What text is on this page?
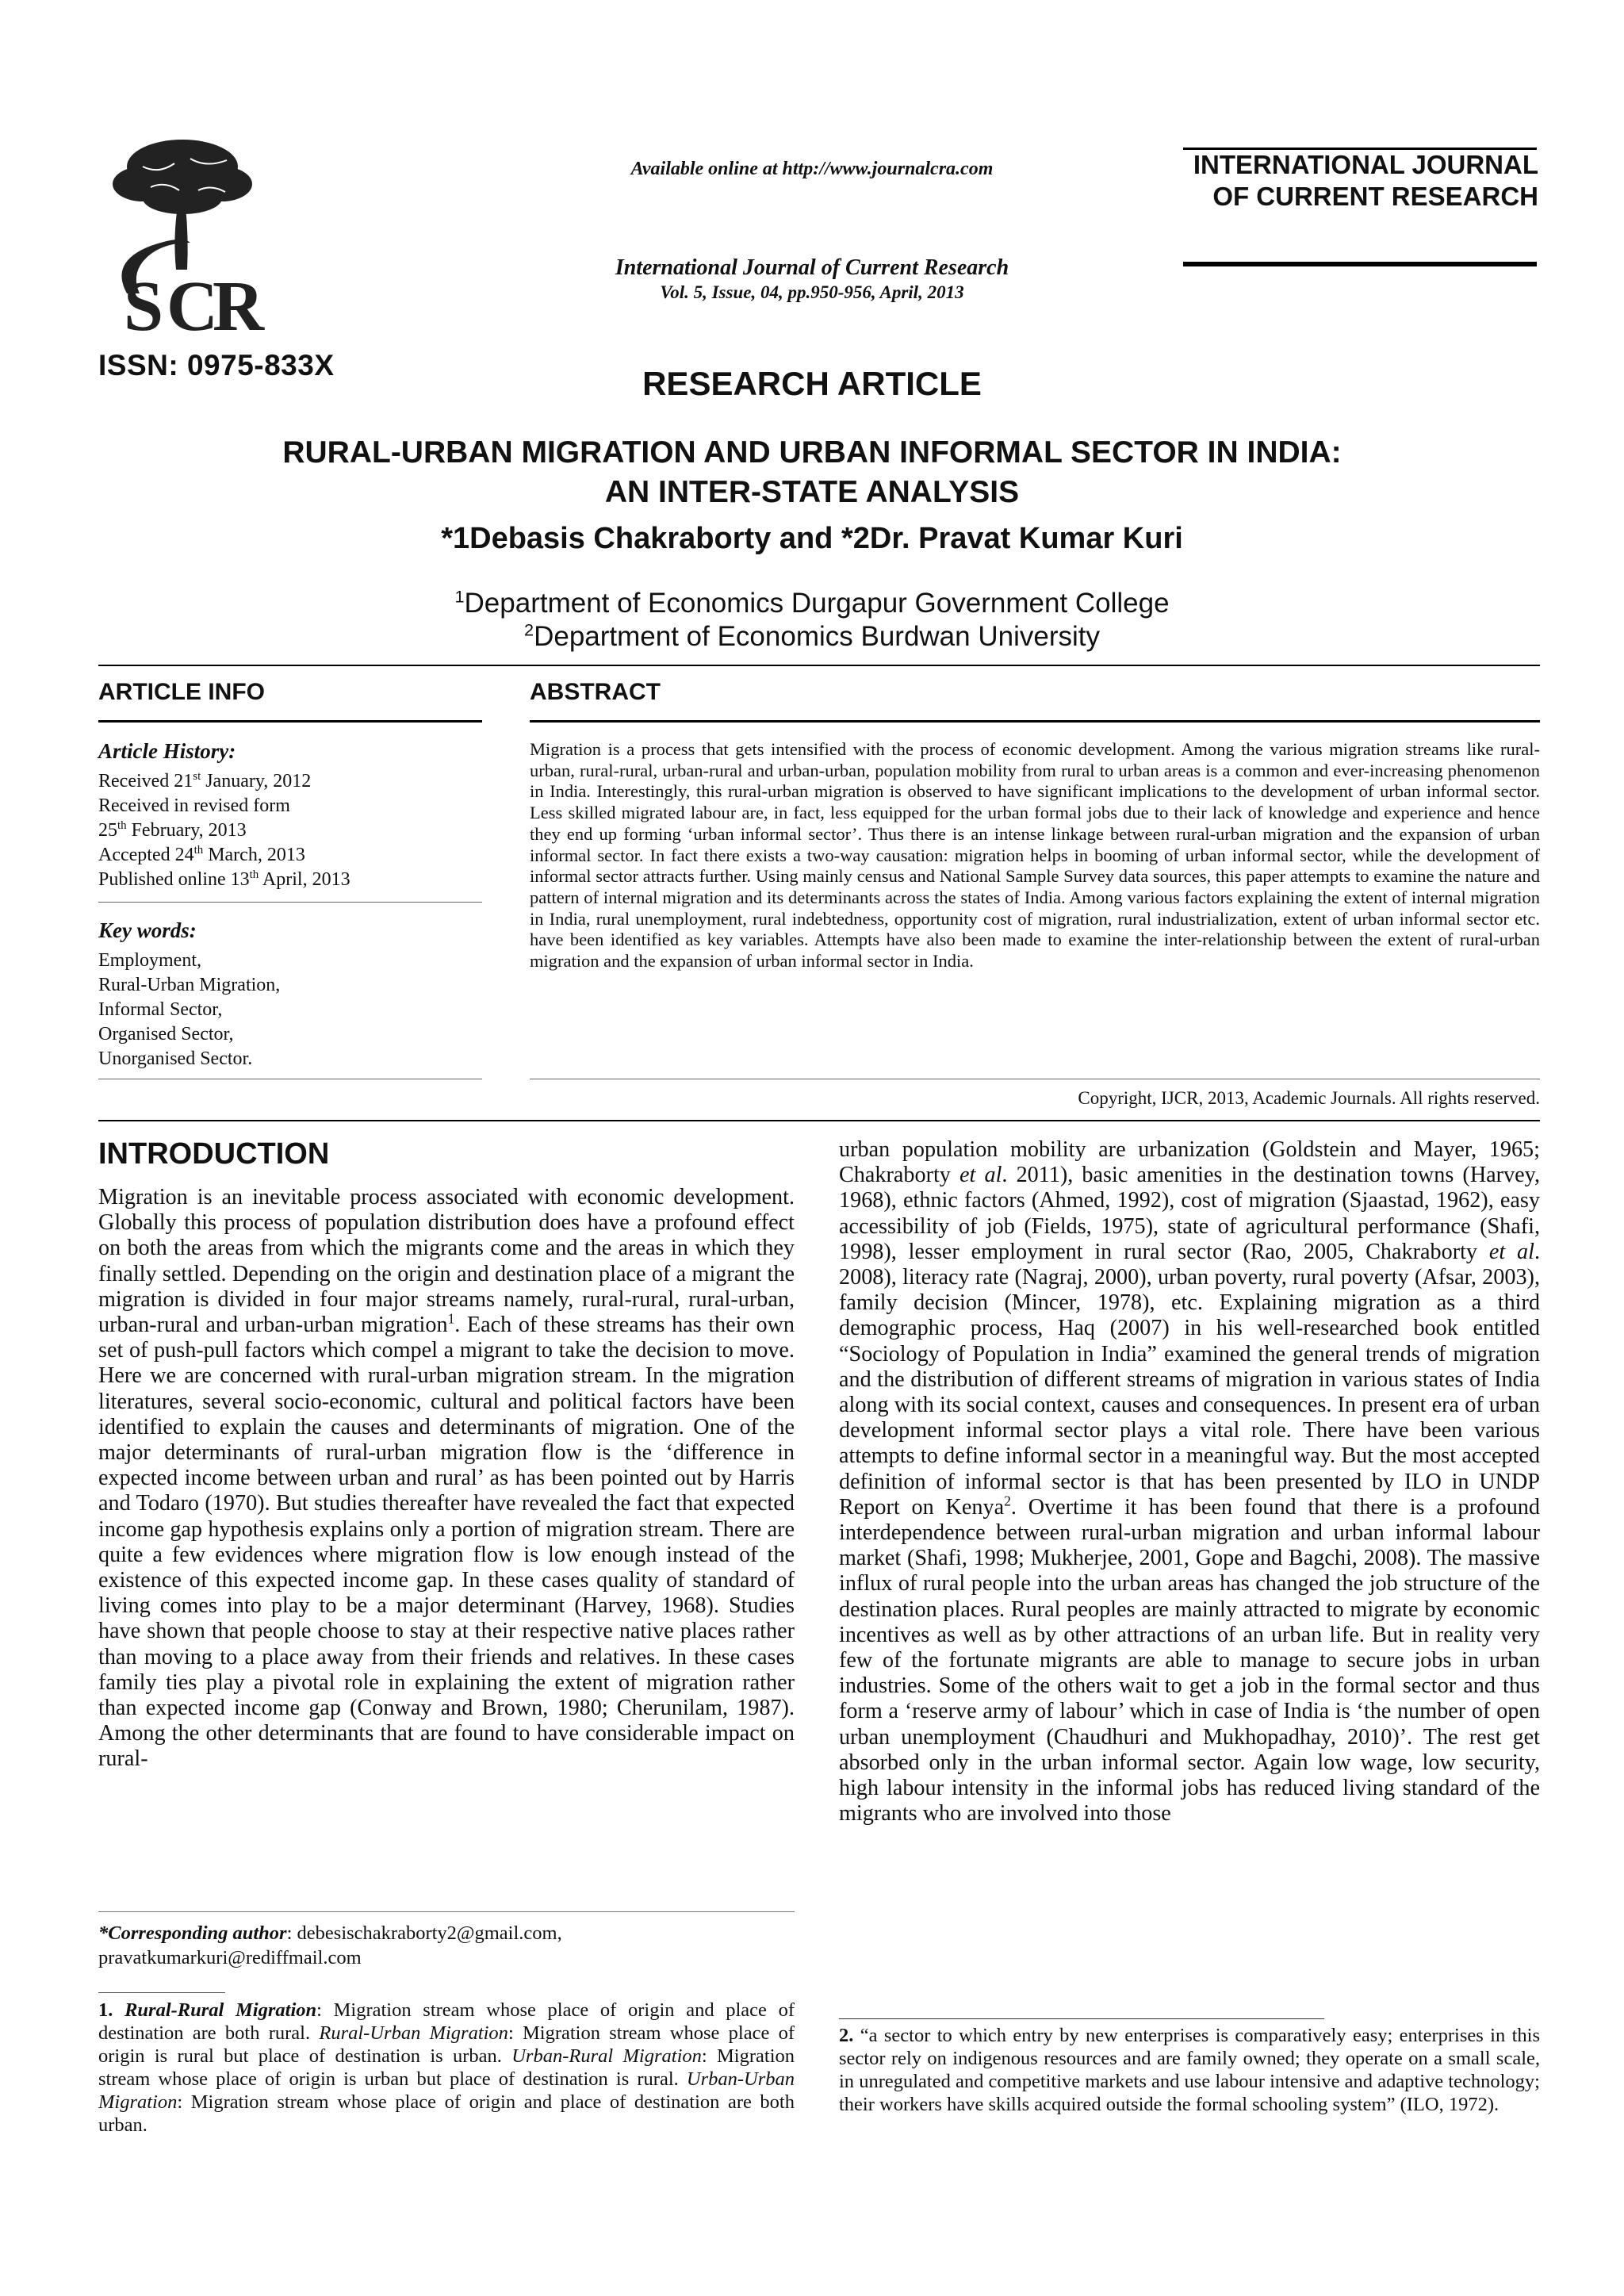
S C
R
ISSN: 0975-833X
Available online at http://www.journalcra.com
International Journal of Current Research
Vol. 5, Issue, 04, pp.950-956, April, 2013
INTERNATIONAL JOURNAL
OF CURRENT RESEARCH
RESEARCH ARTICLE
RURAL-URBAN MIGRATION AND URBAN INFORMAL SECTOR IN INDIA:
AN INTER-STATE ANALYSIS
*1Debasis Chakraborty and *2Dr. Pravat Kumar Kuri
$^1$Department of Economics Durgapur Government College
$^2$Department of Economics Burdwan University
ARTICLE INFO
Article History:
Received 21st January, 2012
Received in revised form
25th February, 2013
Accepted 24th March, 2013
Published online 13th April, 2013
Key words:
Employment,
Rural-Urban Migration,
Informal Sector,
Organised Sector,
Unorganised Sector.
ABSTRACT
Migration is a process that gets intensified with the process of economic development. Among the various migration streams like rural-urban, rural-rural, urban-rural and urban-urban, population mobility from rural to urban areas is a common and ever-increasing phenomenon in India. Interestingly, this rural-urban migration is observed to have significant implications to the development of urban informal sector. Less skilled migrated labour are, in fact, less equipped for the urban formal jobs due to their lack of knowledge and experience and hence they end up forming ‘urban informal sector’. Thus there is an intense linkage between rural-urban migration and the expansion of urban informal sector. In fact there exists a two-way causation: migration helps in booming of urban informal sector, while the development of informal sector attracts further. Using mainly census and National Sample Survey data sources, this paper attempts to examine the nature and pattern of internal migration and its determinants across the states of India. Among various factors explaining the extent of internal migration in India, rural unemployment, rural indebtedness, opportunity cost of migration, rural industrialization, extent of urban informal sector etc. have been identified as key variables. Attempts have also been made to examine the inter-relationship between the extent of rural-urban migration and the expansion of urban informal sector in India.
Copyright, IJCR, 2013, Academic Journals. All rights reserved.
INTRODUCTION
Migration is an inevitable process associated with economic development. Globally this process of population distribution does have a profound effect on both the areas from which the migrants come and the areas in which they finally settled. Depending on the origin and destination place of a migrant the migration is divided in four major streams namely, rural-rural, rural-urban, urban-rural and urban-urban migration$^1$. Each of these streams has their own set of push-pull factors which compel a migrant to take the decision to move. Here we are concerned with rural-urban migration stream. In the migration literatures, several socio-economic, cultural and political factors have been identified to explain the causes and determinants of migration. One of the major determinants of rural-urban migration flow is the ‘difference in expected income between urban and rural’ as has been pointed out by Harris and Todaro (1970). But studies thereafter have revealed the fact that expected income gap hypothesis explains only a portion of migration stream. There are quite a few evidences where migration flow is low enough instead of the existence of this expected income gap. In these cases quality of standard of living comes into play to be a major determinant (Harvey, 1968). Studies have shown that people choose to stay at their respective native places rather than moving to a place away from their friends and relatives. In these cases family ties play a pivotal role in explaining the extent of migration rather than expected income gap (Conway and Brown, 1980; Cherunilam, 1987). Among the other determinants that are found to have considerable impact on rural-
urban population mobility are urbanization (Goldstein and Mayer, 1965; Chakraborty et al. 2011), basic amenities in the destination towns (Harvey, 1968), ethnic factors (Ahmed, 1992), cost of migration (Sjaastad, 1962), easy accessibility of job (Fields, 1975), state of agricultural performance (Shafi, 1998), lesser employment in rural sector (Rao, 2005, Chakraborty et al. 2008), literacy rate (Nagraj, 2000), urban poverty, rural poverty (Afsar, 2003), family decision (Mincer, 1978), etc. Explaining migration as a third demographic process, Haq (2007) in his well-researched book entitled “Sociology of Population in India” examined the general trends of migration and the distribution of different streams of migration in various states of India along with its social context, causes and consequences. In present era of urban development informal sector plays a vital role. There have been various attempts to define informal sector in a meaningful way. But the most accepted definition of informal sector is that has been presented by ILO in UNDP Report on Kenya$^2$. Overtime it has been found that there is a profound interdependence between rural-urban migration and urban informal labour market (Shafi, 1998; Mukherjee, 2001, Gope and Bagchi, 2008). The massive influx of rural people into the urban areas has changed the job structure of the destination places. Rural peoples are mainly attracted to migrate by economic incentives as well as by other attractions of an urban life. But in reality very few of the fortunate migrants are able to manage to secure jobs in urban industries. Some of the others wait to get a job in the formal sector and thus form a ‘reserve army of labour’ which in case of India is ‘the number of open urban unemployment (Chaudhuri and Mukhopadhay, 2010)’. The rest get absorbed only in the urban informal sector. Again low wage, low security, high labour intensity in the informal jobs has reduced living standard of the migrants who are involved into those
*Corresponding author: debesischakraborty2@gmail.com,
pravatkumarkuri@rediffmail.com
1. Rural-Rural Migration: Migration stream whose place of origin and place of destination are both rural. Rural-Urban Migration: Migration stream whose place of origin is rural but place of destination is urban. Urban-Rural Migration: Migration stream whose place of origin is urban but place of destination is rural. Urban-Urban Migration: Migration stream whose place of origin and place of destination are both urban.
2. “a sector to which entry by new enterprises is comparatively easy; enterprises in this sector rely on indigenous resources and are family owned; they operate on a small scale, in unregulated and competitive markets and use labour intensive and adaptive technology; their workers have skills acquired outside the formal schooling system” (ILO, 1972).
